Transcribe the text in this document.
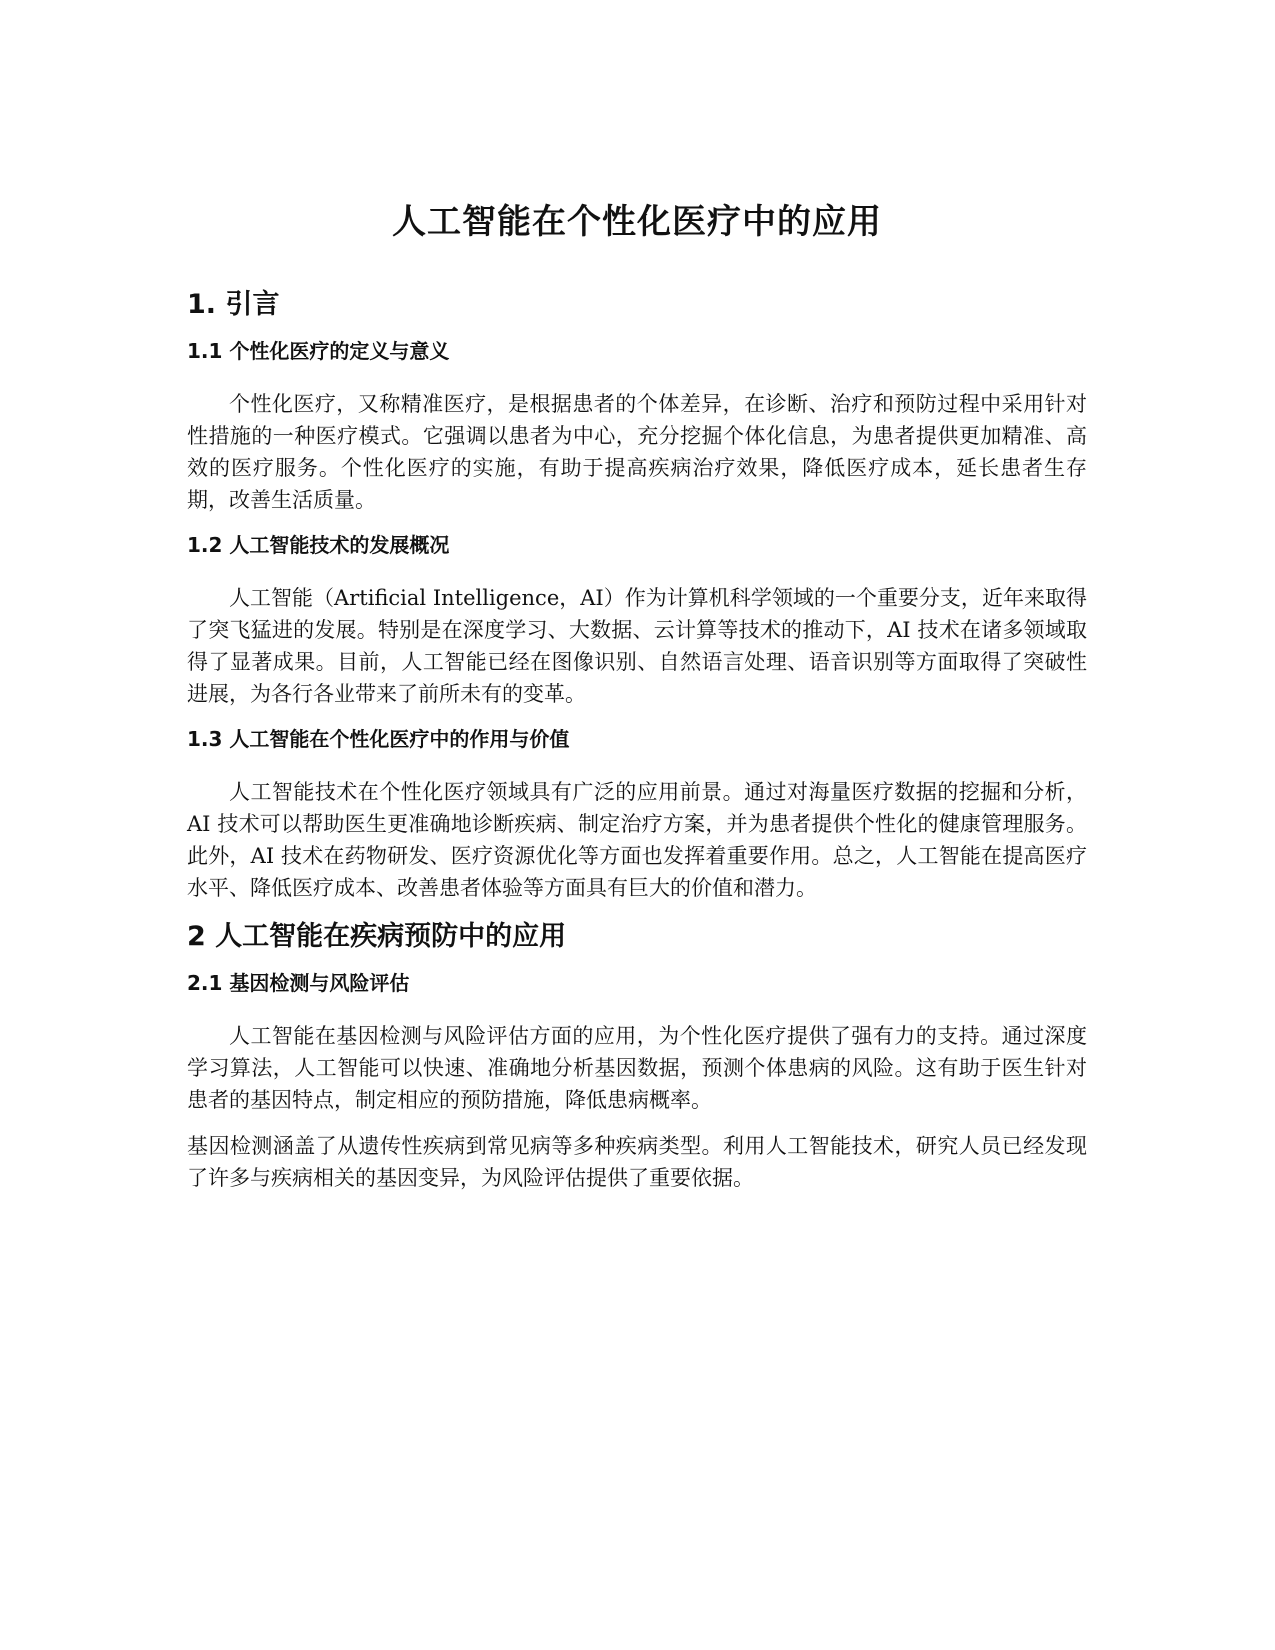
人工智能在个性化医疗中的应用
1. 引言
1.1 个性化医疗的定义与意义

个性化医疗，又称精准医疗，是根据患者的个体差异，在诊断、治疗和预防过程中采用针对性措施的一种医疗模式。它强调以患者为中心，充分挖掘个体化信息，为患者提供更加精准、高效的医疗服务。个性化医疗的实施，有助于提高疾病治疗效果，降低医疗成本，延长患者生存期，改善生活质量。

1.2 人工智能技术的发展概况

人工智能（Artificial Intelligence，AI）作为计算机科学领域的一个重要分支，近年来取得了突飞猛进的发展。特别是在深度学习、大数据、云计算等技术的推动下，AI 技术在诸多领域取得了显著成果。目前，人工智能已经在图像识别、自然语言处理、语音识别等方面取得了突破性进展，为各行各业带来了前所未有的变革。

1.3 人工智能在个性化医疗中的作用与价值

人工智能技术在个性化医疗领域具有广泛的应用前景。通过对海量医疗数据的挖掘和分析，AI 技术可以帮助医生更准确地诊断疾病、制定治疗方案，并为患者提供个性化的健康管理服务。此外，AI 技术在药物研发、医疗资源优化等方面也发挥着重要作用。总之，人工智能在提高医疗水平、降低医疗成本、改善患者体验等方面具有巨大的价值和潜力。

2 人工智能在疾病预防中的应用
2.1 基因检测与风险评估

人工智能在基因检测与风险评估方面的应用，为个性化医疗提供了强有力的支持。通过深度学习算法，人工智能可以快速、准确地分析基因数据，预测个体患病的风险。这有助于医生针对患者的基因特点，制定相应的预防措施，降低患病概率。

基因检测涵盖了从遗传性疾病到常见病等多种疾病类型。利用人工智能技术，研究人员已经发现了许多与疾病相关的基因变异，为风险评估提供了重要依据。
